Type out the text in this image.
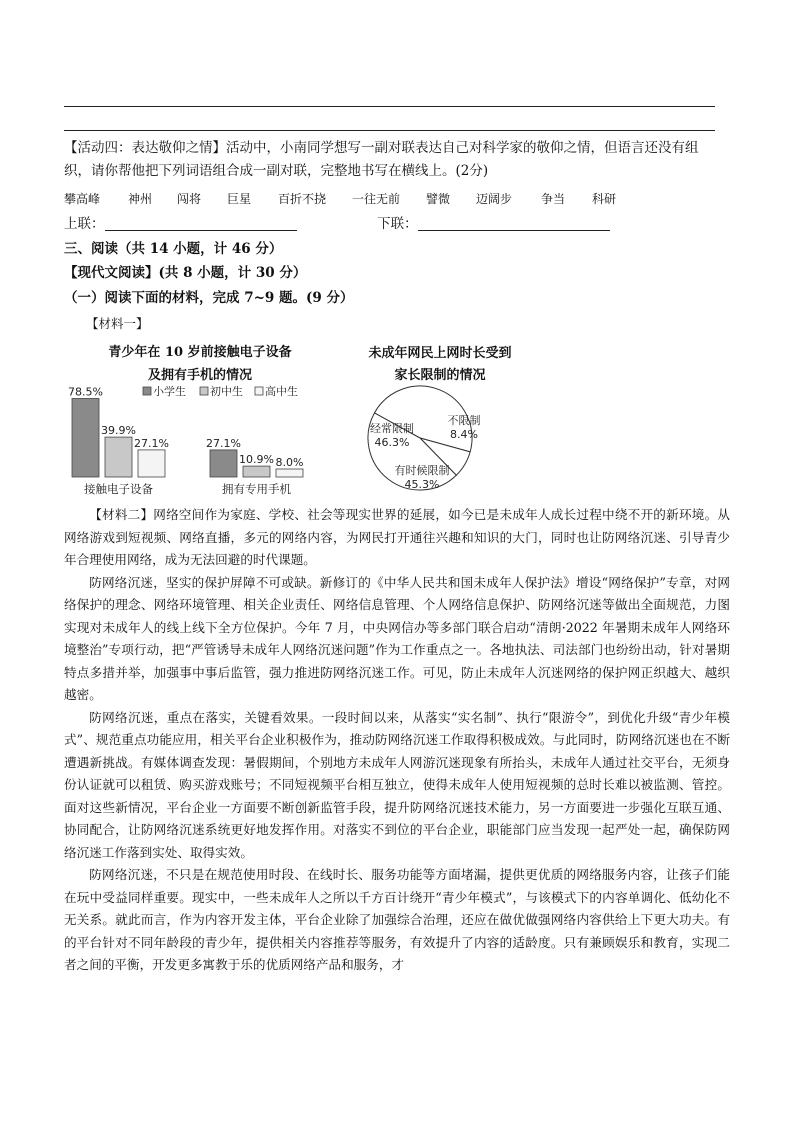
【活动四：表达敬仰之情】活动中，小南同学想写一副对联表达自己对科学家的敬仰之情，但语言还没有组
织，请你帮他把下列词语组合成一副对联，完整地书写在横线上。(2分)
攀高峰 神州 闯将 巨星 百折不挠 一往无前 譬微 迈阔步 争当 科研
上联：	下联：
三、阅读（共 14 小题，计 46 分）
【现代文阅读】(共 8 小题，计 30 分）
（一）阅读下面的材料，完成 7~9 题。(9 分）
【材料一】
青少年在 10 岁前接触电子设备
及拥有手机的情况
未成年网民上网时长受到
家长限制的情况
小学生 初中生 高中生
78.5%
39.9%
27.1%
接触电子设备
27.1%
10.9% 8.0%
拥有专用手机
经常限制
46.3%
不限制
8.4%
有时候限制
45.3%

【材料二】网络空间作为家庭、学校、社会等现实世界的延展，如今已是未成年人成长过程中绕不开的新环境。从网络游戏到短视频、网络直播，多元的网络内容，为网民打开通往兴趣和知识的大门，同时也让防网络沉迷、引导青少年合理使用网络，成为无法回避的时代课题。

防网络沉迷，坚实的保护屏障不可或缺。新修订的《中华人民共和国未成年人保护法》增设“网络保护”专章，对网络保护的理念、网络环境管理、相关企业责任、网络信息管理、个人网络信息保护、防网络沉迷等做出全面规范，力图实现对未成年人的线上线下全方位保护。今年 7 月，中央网信办等多部门联合启动“清朗·2022 年暑期未成年人网络环境整治”专项行动，把“严管诱导未成年人网络沉迷问题”作为工作重点之一。各地执法、司法部门也纷纷出动，针对暑期特点多措并举，加强事中事后监管，强力推进防网络沉迷工作。可见，防止未成年人沉迷网络的保护网正织越大、越织越密。

防网络沉迷，重点在落实，关键看效果。一段时间以来，从落实“实名制”、执行“限游令”，到优化升级“青少年模式”、规范重点功能应用，相关平台企业积极作为，推动防网络沉迷工作取得积极成效。与此同时，防网络沉迷也在不断遭遇新挑战。有媒体调查发现：暑假期间，个别地方未成年人网游沉迷现象有所抬头，未成年人通过社交平台，无须身份认证就可以租赁、购买游戏账号；不同短视频平台相互独立，使得未成年人使用短视频的总时长难以被监测、管控。面对这些新情况，平台企业一方面要不断创新监管手段，提升防网络沉迷技术能力，另一方面要进一步强化互联互通、协同配合，让防网络沉迷系统更好地发挥作用。对落实不到位的平台企业，职能部门应当发现一起严处一起，确保防网络沉迷工作落到实处、取得实效。

防网络沉迷，不只是在规范使用时段、在线时长、服务功能等方面堵漏，提供更优质的网络服务内容，让孩子们能在玩中受益同样重要。现实中，一些未成年人之所以千方百计绕开“青少年模式”，与该模式下的内容单调化、低幼化不无关系。就此而言，作为内容开发主体，平台企业除了加强综合治理，还应在做优做强网络内容供给上下更大功夫。有的平台针对不同年龄段的青少年，提供相关内容推荐等服务，有效提升了内容的适龄度。只有兼顾娱乐和教育，实现二者之间的平衡，开发更多寓教于乐的优质网络产品和服务，才
